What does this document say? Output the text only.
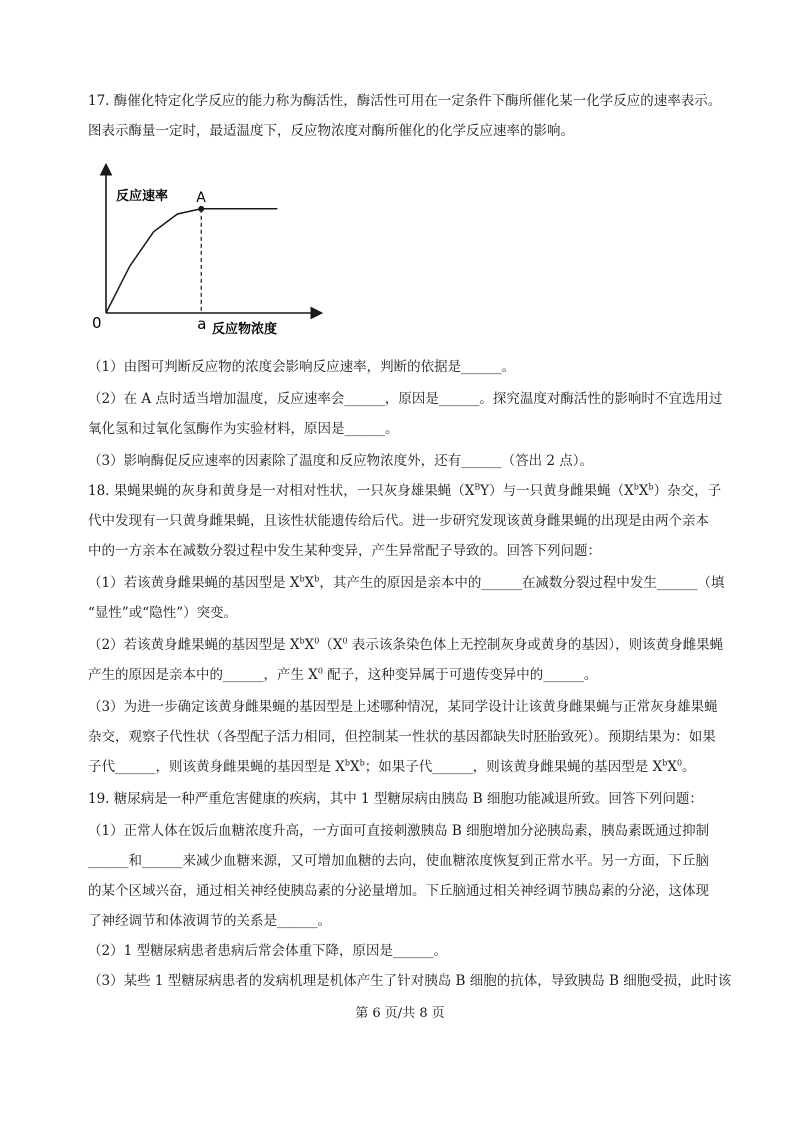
17. 酶催化特定化学反应的能力称为酶活性，酶活性可用在一定条件下酶所催化某一化学反应的速率表示。
图表示酶量一定时，最适温度下，反应物浓度对酶所催化的化学反应速率的影响。
反应速率
反应物浓度
0
A
a
（1）由图可判断反应物的浓度会影响反应速率，判断的依据是______。
（2）在 A 点时适当增加温度，反应速率会______，原因是______。探究温度对酶活性的影响时不宜选用过
氧化氢和过氧化氢酶作为实验材料，原因是______。
（3）影响酶促反应速率的因素除了温度和反应物浓度外，还有______（答出 2 点）。
18. 果蝇果蝇的灰身和黄身是一对相对性状，一只灰身雄果蝇$(X^BY)$与一只黄身雌果蝇$(X^bX^b)$杂交，子
代中发现有一只黄身雌果蝇，且该性状能遗传给后代。进一步研究发现该黄身雌果蝇的出现是由两个亲本
中的一方亲本在减数分裂过程中发生某种变异，产生异常配子导致的。回答下列问题：
（1）若该黄身雌果蝇的基因型是 $X^bX^b$，其产生的原因是亲本中的______在减数分裂过程中发生______（填
“显性”或“隐性”）突变。
（2）若该黄身雌果蝇的基因型是 $X^bX^0(X^0$ 表示该条染色体上无控制灰身或黄身的基因），则该黄身雌果蝇
产生的原因是亲本中的______，产生 $X^0$ 配子，这种变异属于可遗传变异中的______。
（3）为进一步确定该黄身雌果蝇的基因型是上述哪种情况，某同学设计让该黄身雌果蝇与正常灰身雄果蝇
杂交，观察子代性状（各型配子活力相同，但控制某一性状的基因都缺失时胚胎致死）。预期结果为：如果
子代______，则该黄身雌果蝇的基因型是 $X^bX^b$；如果子代______，则该黄身雌果蝇的基因型是 $X^bX^0$。
19. 糖尿病是一种严重危害健康的疾病，其中 1 型糖尿病由胰岛 B 细胞功能减退所致。回答下列问题：
（1）正常人体在饭后血糖浓度升高，一方面可直接刺激胰岛 B 细胞增加分泌胰岛素，胰岛素既通过抑制
______和______来减少血糖来源，又可增加血糖的去向，使血糖浓度恢复到正常水平。另一方面，下丘脑
的某个区域兴奋，通过相关神经使胰岛素的分泌量增加。下丘脑通过相关神经调节胰岛素的分泌，这体现
了神经调节和体液调节的关系是______。
（2）1 型糖尿病患者患病后常会体重下降，原因是______。
（3）某些 1 型糖尿病患者的发病机理是机体产生了针对胰岛 B 细胞的抗体，导致胰岛 B 细胞受损，此时该
第 6 页/共 8 页
